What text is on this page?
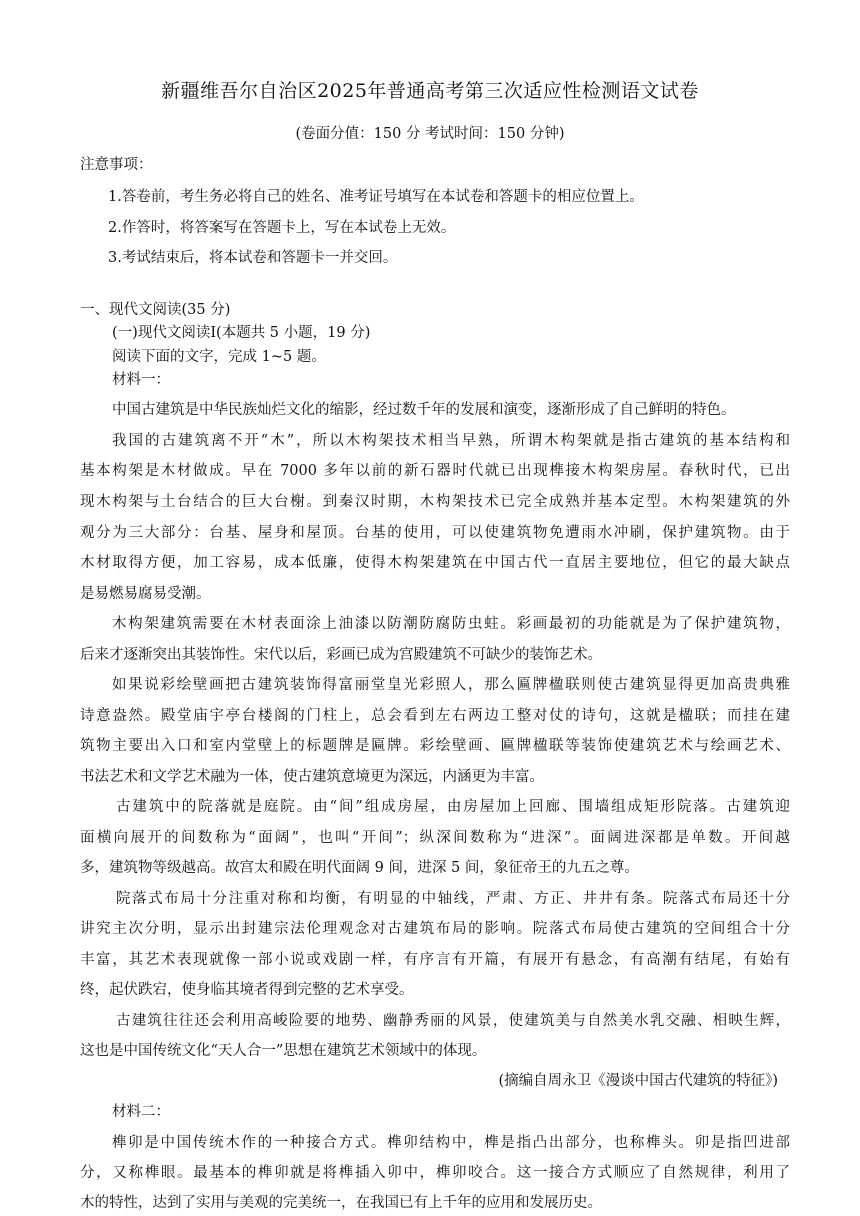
新疆维吾尔自治区2025年普通高考第三次适应性检测语文试卷
(卷面分值：150 分 考试时间：150 分钟)
注意事项：
1.答卷前，考生务必将自己的姓名、准考证号填写在本试卷和答题卡的相应位置上。
2.作答时，将答案写在答题卡上，写在本试卷上无效。
3.考试结束后，将本试卷和答题卡一并交回。
一、现代文阅读(35 分)
(一)现代文阅读Ⅰ(本题共 5 小题，19 分)
阅读下面的文字，完成 1~5 题。
材料一：
中国古建筑是中华民族灿烂文化的缩影，经过数千年的发展和演变，逐渐形成了自己鲜明的特色。
我国的古建筑离不开“木”，所以木构架技术相当早熟，所谓木构架就是指古建筑的基本结构和
基本构架是木材做成。早在 7000 多年以前的新石器时代就已出现榫接木构架房屋。春秋时代，已出
现木构架与土台结合的巨大台榭。到秦汉时期，木构架技术已完全成熟并基本定型。木构架建筑的外
观分为三大部分：台基、屋身和屋顶。台基的使用，可以使建筑物免遭雨水冲刷，保护建筑物。由于
木材取得方便，加工容易，成本低廉，使得木构架建筑在中国古代一直居主要地位，但它的最大缺点
是易燃易腐易受潮。
木构架建筑需要在木材表面涂上油漆以防潮防腐防虫蛀。彩画最初的功能就是为了保护建筑物，
后来才逐渐突出其装饰性。宋代以后，彩画已成为宫殿建筑不可缺少的装饰艺术。
如果说彩绘壁画把古建筑装饰得富丽堂皇光彩照人，那么匾牌楹联则使古建筑显得更加高贵典雅
诗意盎然。殿堂庙宇亭台楼阁的门柱上，总会看到左右两边工整对仗的诗句，这就是楹联；而挂在建
筑物主要出入口和室内堂壁上的标题牌是匾牌。彩绘壁画、匾牌楹联等装饰使建筑艺术与绘画艺术、
书法艺术和文学艺术融为一体，使古建筑意境更为深远，内涵更为丰富。
古建筑中的院落就是庭院。由“间”组成房屋，由房屋加上回廊、围墙组成矩形院落。古建筑迎
面横向展开的间数称为“面阔”，也叫“开间”；纵深间数称为“进深”。面阔进深都是单数。开间越
多，建筑物等级越高。故宫太和殿在明代面阔 9 间，进深 5 间，象征帝王的九五之尊。
院落式布局十分注重对称和均衡，有明显的中轴线，严肃、方正、井井有条。院落式布局还十分
讲究主次分明，显示出封建宗法伦理观念对古建筑布局的影响。院落式布局使古建筑的空间组合十分
丰富，其艺术表现就像一部小说或戏剧一样，有序言有开篇，有展开有悬念，有高潮有结尾，有始有
终，起伏跌宕，使身临其境者得到完整的艺术享受。
古建筑往往还会利用高峻险要的地势、幽静秀丽的风景，使建筑美与自然美水乳交融、相映生辉，
这也是中国传统文化“天人合一”思想在建筑艺术领域中的体现。
(摘编自周永卫《漫谈中国古代建筑的特征》)
材料二：
榫卯是中国传统木作的一种接合方式。榫卯结构中，榫是指凸出部分，也称榫头。卯是指凹进部
分，又称榫眼。最基本的榫卯就是将榫插入卯中，榫卯咬合。这一接合方式顺应了自然规律，利用了
木的特性，达到了实用与美观的完美统一，在我国已有上千年的应用和发展历史。
